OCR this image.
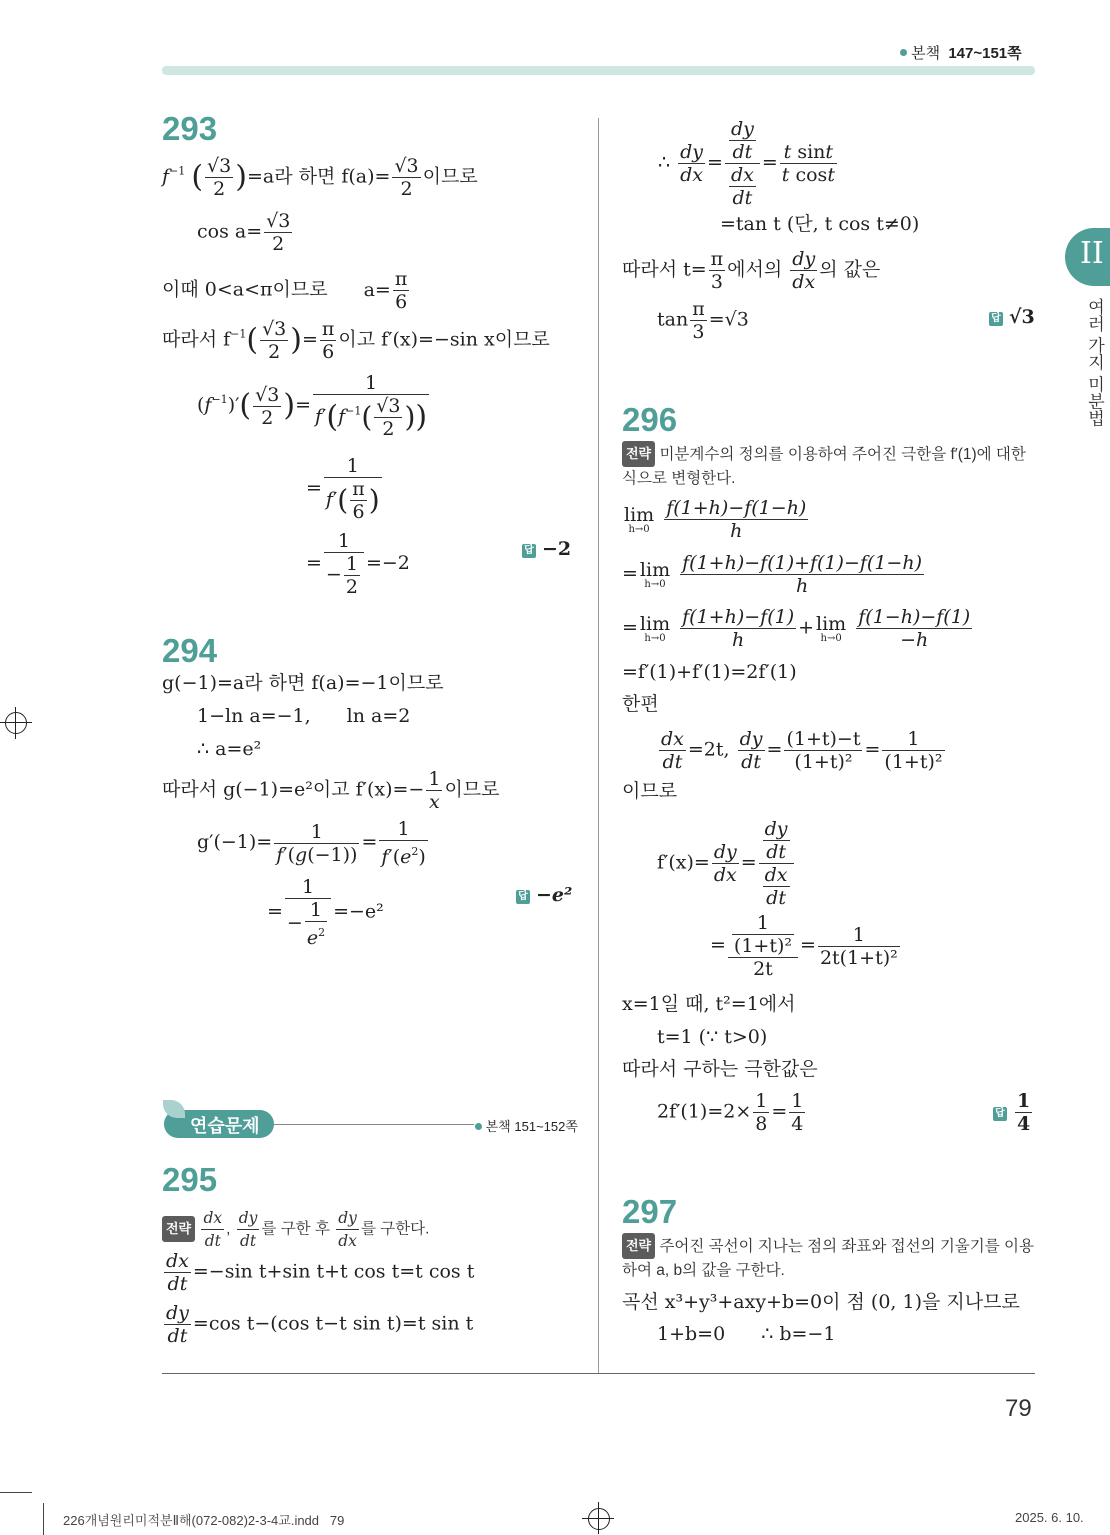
본책 147~151쪽
II
여러 가지 미분법
293
$f^{-1}$ ( $\frac{√3}{2} )=a$라 하면 $f(a)= \frac{√3}{2}$ 이므로
$\cos a= \frac{√3}{2}$
이때 0<a<π이므로 $a= \frac{\pi}{6}$
따라서 $f^{-1}( \frac{√3}{2}$ )= $\frac{\pi}{6}$ 이고 f′(x)=−sin x이므로
$(f^{-1})'( \frac{√3}{2}$ )= $\frac{1}{f'(f^{-1}( \frac{√3}{2} ))}$
= $\frac{1}{f'( \frac{\pi}{6} )}$
= $\frac{1}{- \frac{1}{2}} =-2$
답 −2
294
g(−1)=a라 하면 f(a)=−1이므로
1−ln a=−1, ln a=2
∴ a=e²
따라서 g(−1)=e²이고 $f'(x)=- \frac{1}{x}$ 이므로
$g'(-1)= \frac{1}{f'(g(-1))} = \frac{1}{f'(e^2)}$
= $\frac{1}{- \frac{1}{e^2}} =-e^2$
답 −e²
연습문제	본책 151~152쪽
295
전략 $\frac{dx}{dt}$ , $\frac{dy}{dt}$ 를 구한 후 $\frac{dy}{dx}$ 를 구한다.
$\frac{dx}{dt} =-\sin$ t+sin t+t cos t=t cos t
$\frac{dy}{dt} =\cos$ t−(cos t−t sin t)=t sin t
∴ $\frac{dy}{dx} = \frac{\frac{dy}{dt}}{\frac{dx}{dt}} = \frac{\text{t sint}}{\text{t cost}}$
=tan t (단, t cos t≠0)
따라서 $t= \frac{\pi}{3}$ 에서의 $\frac{dy}{dx}$ 의 값은
$\tan \frac{\pi}{3} =√3$	답 √3
296
전략 미분계수의 정의를 이용하여 주어진 극한을 f′(1)에 대한 식으로 변형한다.
lim
h→0
$\frac{f(1+h)-f(1-h)}{h}$
= lim
h→0
$\frac{f(1+h)-f(1)+f(1)-f(1-h)}{h}$
= lim
h→0
$\frac{f(1+h)-f(1)}{h} + \lim$
h→0
$\frac{f(1-h)-f(1)}{-h}$
=f′(1)+f′(1)=2f′(1)
한편
$\frac{dx}{dt} =2t$, $\frac{dy}{dt} = \frac{(1+t)-t}{\text{(1+t)²}} = \frac{1}{\text{(1+t)²}}$
이므로
$f'(x)= \frac{dy}{dx} = \frac{\frac{dy}{dt}}{\frac{dx}{dt}}$
= $\frac{\frac{1}{\text{(1+t)²}}}{2t} = \frac{1}{\text{2t(1+t)²}}$
x=1일 때, t²=1에서
t=1 (∵ t>0)
따라서 구하는 극한값은
$2f'(1)=2\times \frac{1}{8} = \frac{1}{4}$	답 $\frac{1}{4}$
297
전략 주어진 곡선이 지나는 점의 좌표와 접선의 기울기를 이용하여 a, b의 값을 구한다.
곡선 x³+y³+axy+b=0이 점 (0, 1)을 지나므로
1+b=0 ∴ b=−1
79
226개념원리미적분Ⅱ해(072-082)2-3-4교.indd   79	2025. 6. 10.
